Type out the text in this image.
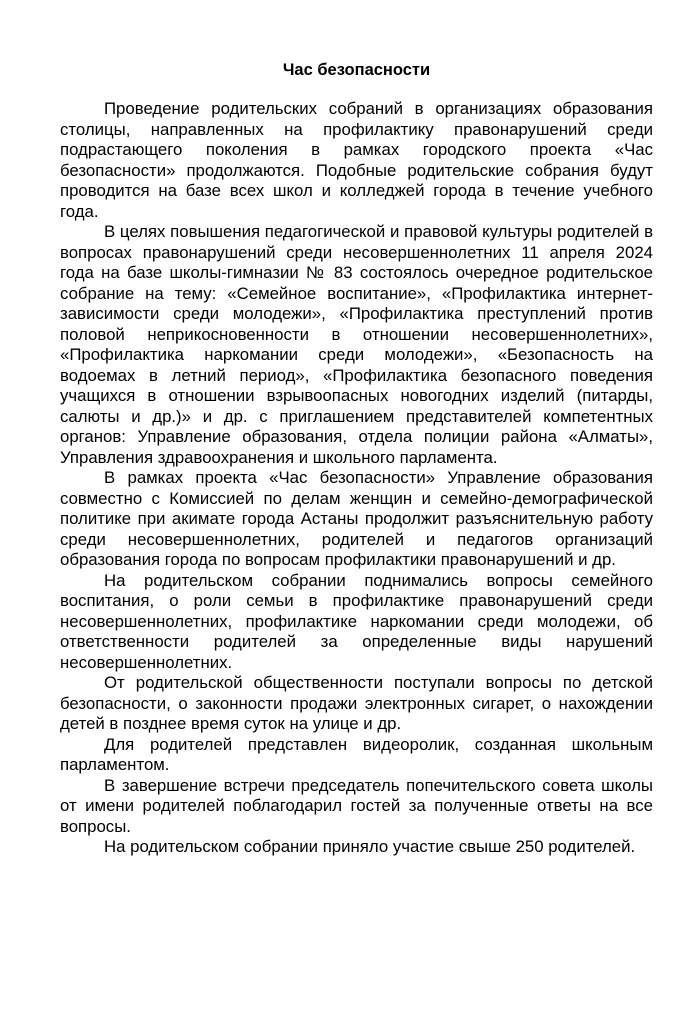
Час безопасности

Проведение родительских собраний в организациях образования столицы, направленных на профилактику правонарушений среди подрастающего поколения в рамках городского проекта «Час безопасности» продолжаются. Подобные родительские собрания будут проводится на базе всех школ и колледжей города в течение учебного года.

В целях повышения педагогической и правовой культуры родителей в вопросах правонарушений среди несовершеннолетних 11 апреля 2024 года на базе школы-гимназии № 83 состоялось очередное родительское собрание на тему: «Семейное воспитание», «Профилактика интернет-зависимости среди молодежи», «Профилактика преступлений против половой неприкосновенности в отношении несовершеннолетних», «Профилактика наркомании среди молодежи», «Безопасность на водоемах в летний период», «Профилактика безопасного поведения учащихся в отношении взрывоопасных новогодних изделий (питарды, салюты и др.)» и др. с приглашением представителей компетентных органов: Управление образования, отдела полиции района «Алматы», Управления здравоохранения и школьного парламента.

В рамках проекта «Час безопасности» Управление образования совместно с Комиссией по делам женщин и семейно-демографической политике при акимате города Астаны продолжит разъяснительную работу среди несовершеннолетних, родителей и педагогов организаций образования города по вопросам профилактики правонарушений и др.

На родительском собрании поднимались вопросы семейного воспитания, о роли семьи в профилактике правонарушений среди несовершеннолетних, профилактике наркомании среди молодежи, об ответственности родителей за определенные виды нарушений несовершеннолетних.

От родительской общественности поступали вопросы по детской безопасности, о законности продажи электронных сигарет, о нахождении детей в позднее время суток на улице и др.

Для родителей представлен видеоролик, созданная школьным парламентом.

В завершение встречи председатель попечительского совета школы от имени родителей поблагодарил гостей за полученные ответы на все вопросы.

На родительском собрании приняло участие свыше 250 родителей.
